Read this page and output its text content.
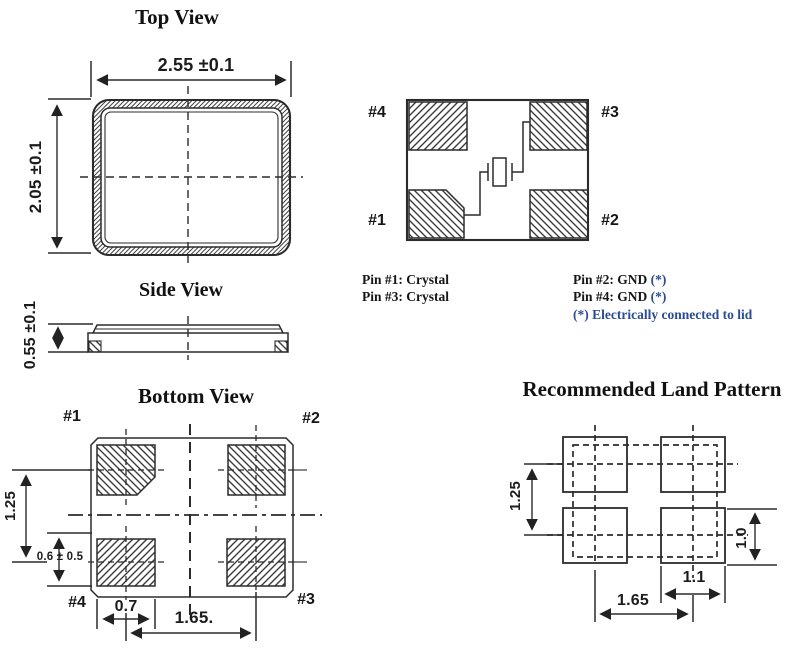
Top View
2.55 ±0.1
2.05 ±0.1
Side View
0.55 ±0.1
#4	#3
#1	#2
Pin #1: Crystal
Pin #3: Crystal
Pin #2: GND (*)
Pin #4: GND (*)
(*) Electrically connected to lid
Bottom View
#1	#2
#4	#3
1.25
0.6 ± 0.5
0.7
1.65.
Recommended Land Pattern
1.25
1.0
1.1
1.65
